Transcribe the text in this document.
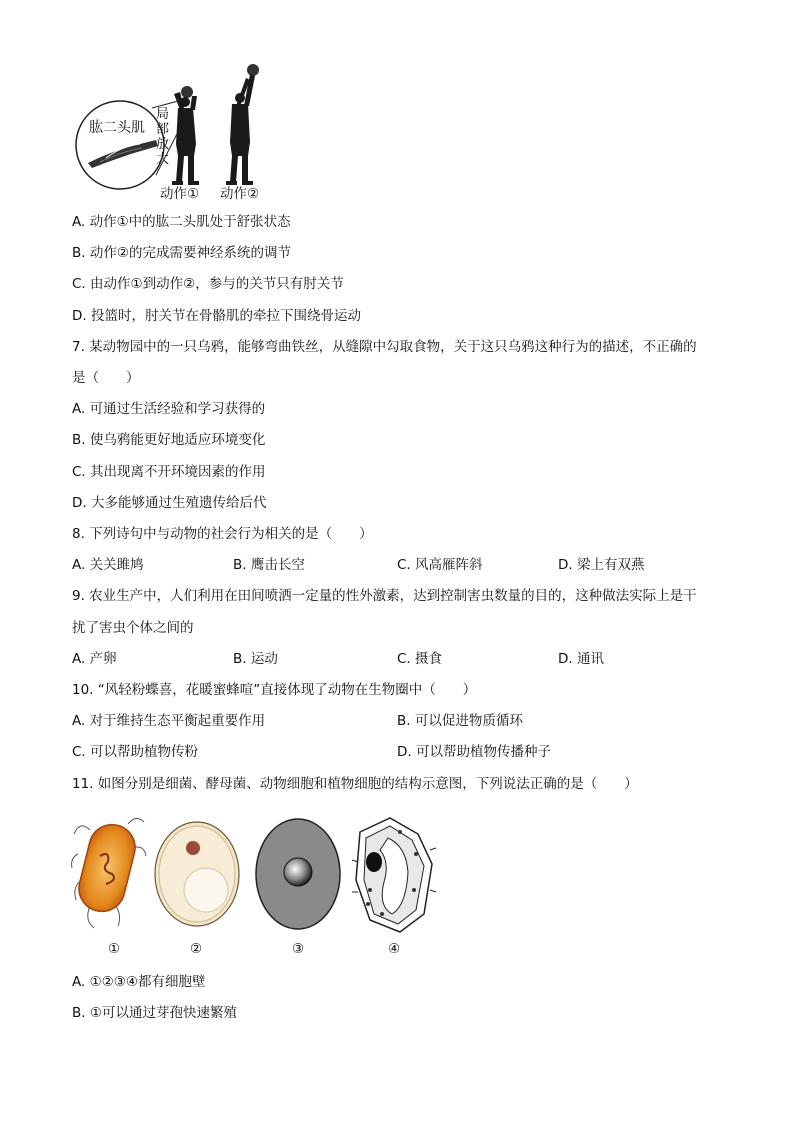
肱二头肌
局
部
放
大
动作① 动作②
A. 动作①中的肱二头肌处于舒张状态
B. 动作②的完成需要神经系统的调节
C. 由动作①到动作②，参与的关节只有肘关节
D. 投篮时，肘关节在骨骼肌的牵拉下围绕骨运动
7. 某动物园中的一只乌鸦，能够弯曲铁丝，从缝隙中勾取食物，关于这只乌鸦这种行为的描述，不正确的
是（　　）
A. 可通过生活经验和学习获得的
B. 使乌鸦能更好地适应环境变化
C. 其出现离不开环境因素的作用
D. 大多能够通过生殖遗传给后代
8. 下列诗句中与动物的社会行为相关的是（　　）
A. 关关雎鸠	B. 鹰击长空	C. 风高雁阵斜	D. 梁上有双燕
9. 农业生产中，人们利用在田间喷洒一定量的性外激素，达到控制害虫数量的目的，这种做法实际上是干
扰了害虫个体之间的
A. 产卵	B. 运动	C. 摄食	D. 通讯
10. “风轻粉蝶喜，花暖蜜蜂喧”直接体现了动物在生物圈中（　　）
A. 对于维持生态平衡起重要作用	B. 可以促进物质循环
C. 可以帮助植物传粉	D. 可以帮助植物传播种子
11. 如图分别是细菌、酵母菌、动物细胞和植物细胞的结构示意图，下列说法正确的是（　　）
①	②	③	④
A. ①②③④都有细胞壁
B. ①可以通过芽孢快速繁殖
